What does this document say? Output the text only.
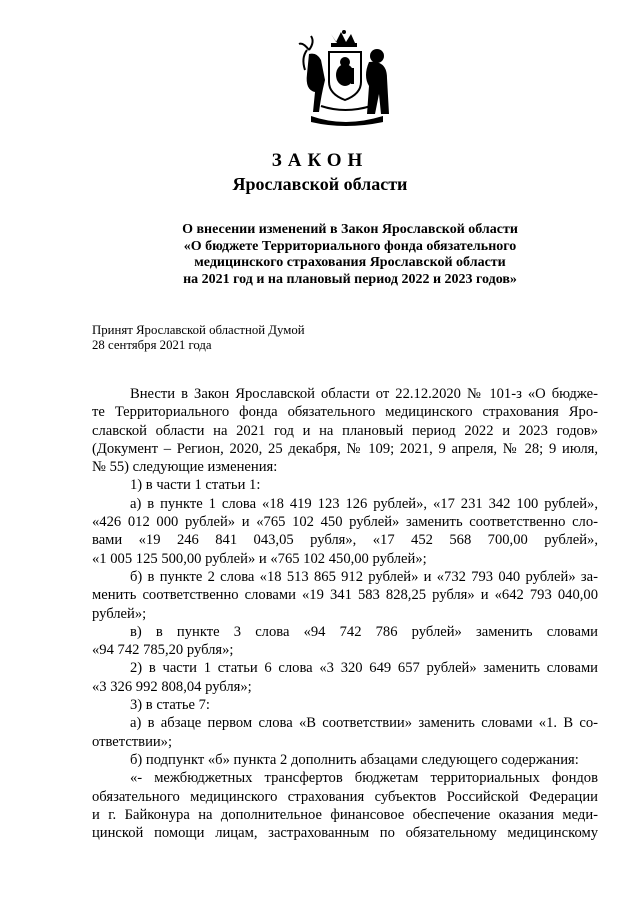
ЗАКОН
Ярославской области
О внесении изменений в Закон Ярославской области
«О бюджете Территориального фонда обязательного
медицинского страхования Ярославской области
на 2021 год и на плановый период 2022 и 2023 годов»
Принят Ярославской областной Думой
28 сентября 2021 года
Внести в Закон Ярославской области от 22.12.2020 № 101-з «О бюдже-
те Территориального фонда обязательного медицинского страхования Яро-
славской области на 2021 год и на плановый период 2022 и 2023 годов»
(Документ – Регион, 2020, 25 декабря, № 109; 2021, 9 апреля, № 28; 9 июля,
№ 55) следующие изменения:
1) в части 1 статьи 1:
а) в пункте 1 слова «18 419 123 126 рублей», «17 231 342 100 рублей»,
«426 012 000 рублей» и «765 102 450 рублей» заменить соответственно сло-
вами «19 246 841 043,05 рубля», «17 452 568 700,00 рублей»,
«1 005 125 500,00 рублей» и «765 102 450,00 рублей»;
б) в пункте 2 слова «18 513 865 912 рублей» и «732 793 040 рублей» за-
менить соответственно словами «19 341 583 828,25 рубля» и «642 793 040,00
рублей»;
в) в пункте 3 слова «94 742 786 рублей» заменить словами
«94 742 785,20 рубля»;
2) в части 1 статьи 6 слова «3 320 649 657 рублей» заменить словами
«3 326 992 808,04 рубля»;
3) в статье 7:
а) в абзаце первом слова «В соответствии» заменить словами «1. В со-
ответствии»;
б) подпункт «б» пункта 2 дополнить абзацами следующего содержания:
«- межбюджетных трансфертов бюджетам территориальных фондов
обязательного медицинского страхования субъектов Российской Федерации
и г. Байконура на дополнительное финансовое обеспечение оказания меди-
цинской помощи лицам, застрахованным по обязательному медицинскому
